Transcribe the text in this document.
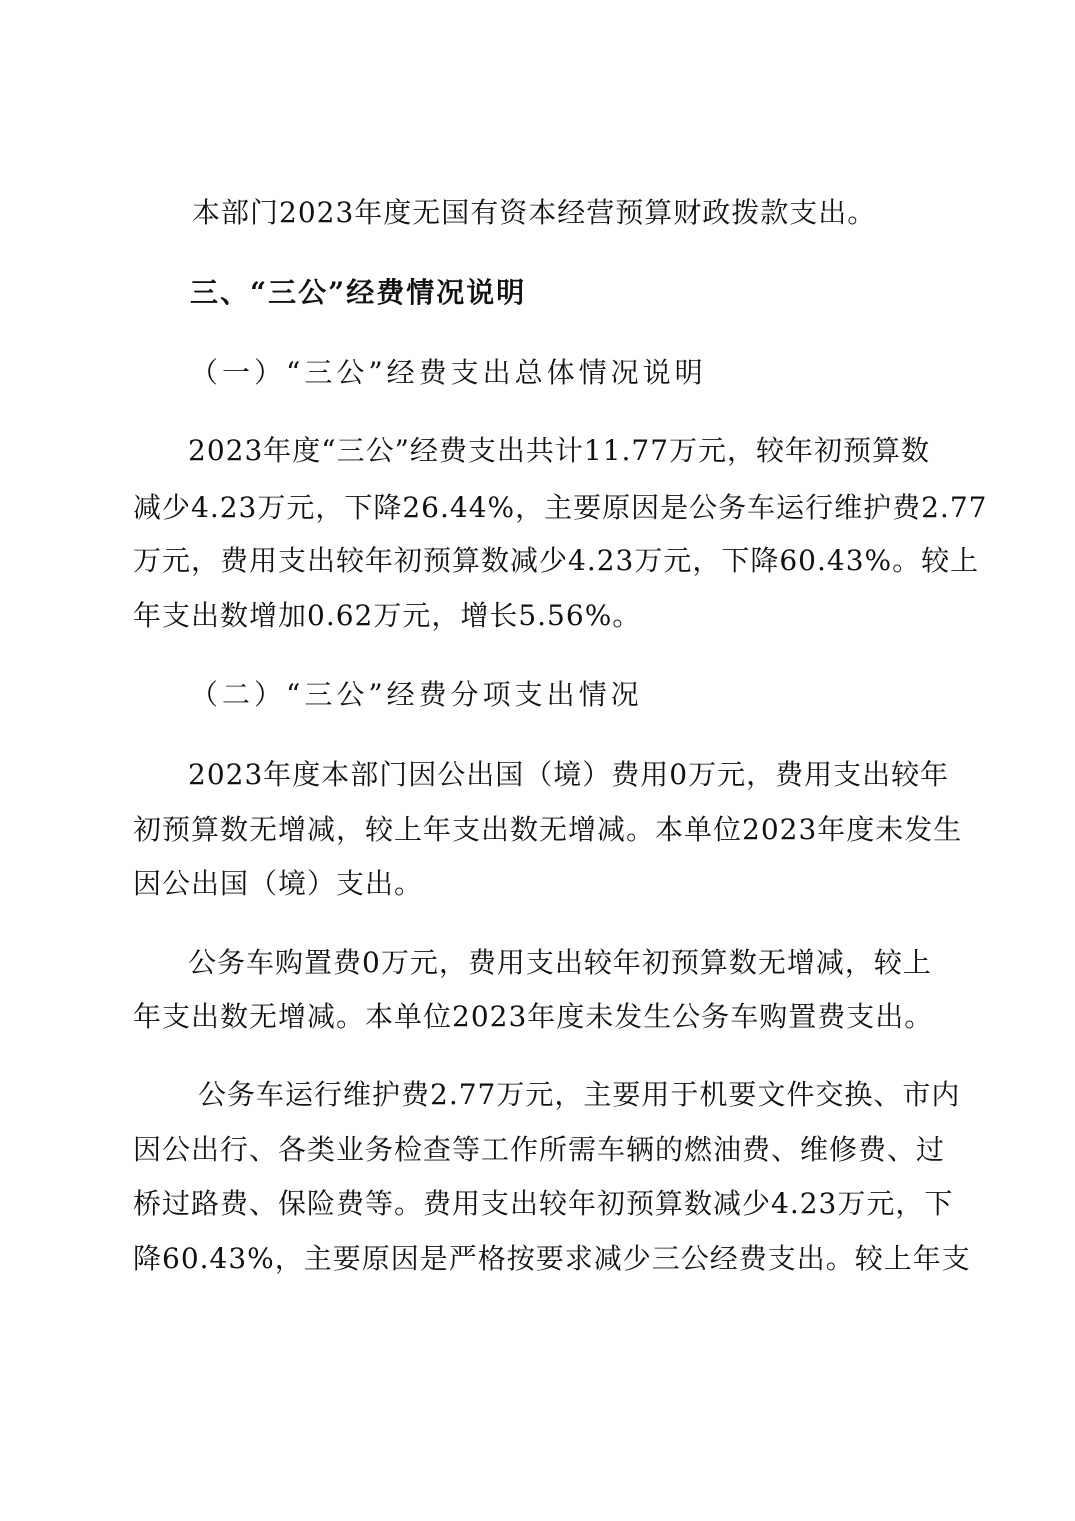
本部门2023年度无国有资本经营预算财政拨款支出。
三、“三公”经费情况说明
（一）“三公”经费支出总体情况说明
2023年度“三公”经费支出共计11.77万元，较年初预算数
减少4.23万元，下降26.44%，主要原因是公务车运行维护费2.77
万元，费用支出较年初预算数减少4.23万元，下降60.43%。较上
年支出数增加0.62万元，增长5.56%。
（二）“三公”经费分项支出情况
2023年度本部门因公出国（境）费用0万元，费用支出较年
初预算数无增减，较上年支出数无增减。本单位2023年度未发生
因公出国（境）支出。
公务车购置费0万元，费用支出较年初预算数无增减，较上
年支出数无增减。本单位2023年度未发生公务车购置费支出。
公务车运行维护费2.77万元，主要用于机要文件交换、市内
因公出行、各类业务检查等工作所需车辆的燃油费、维修费、过
桥过路费、保险费等。费用支出较年初预算数减少4.23万元，下
降60.43%，主要原因是严格按要求减少三公经费支出。较上年支
